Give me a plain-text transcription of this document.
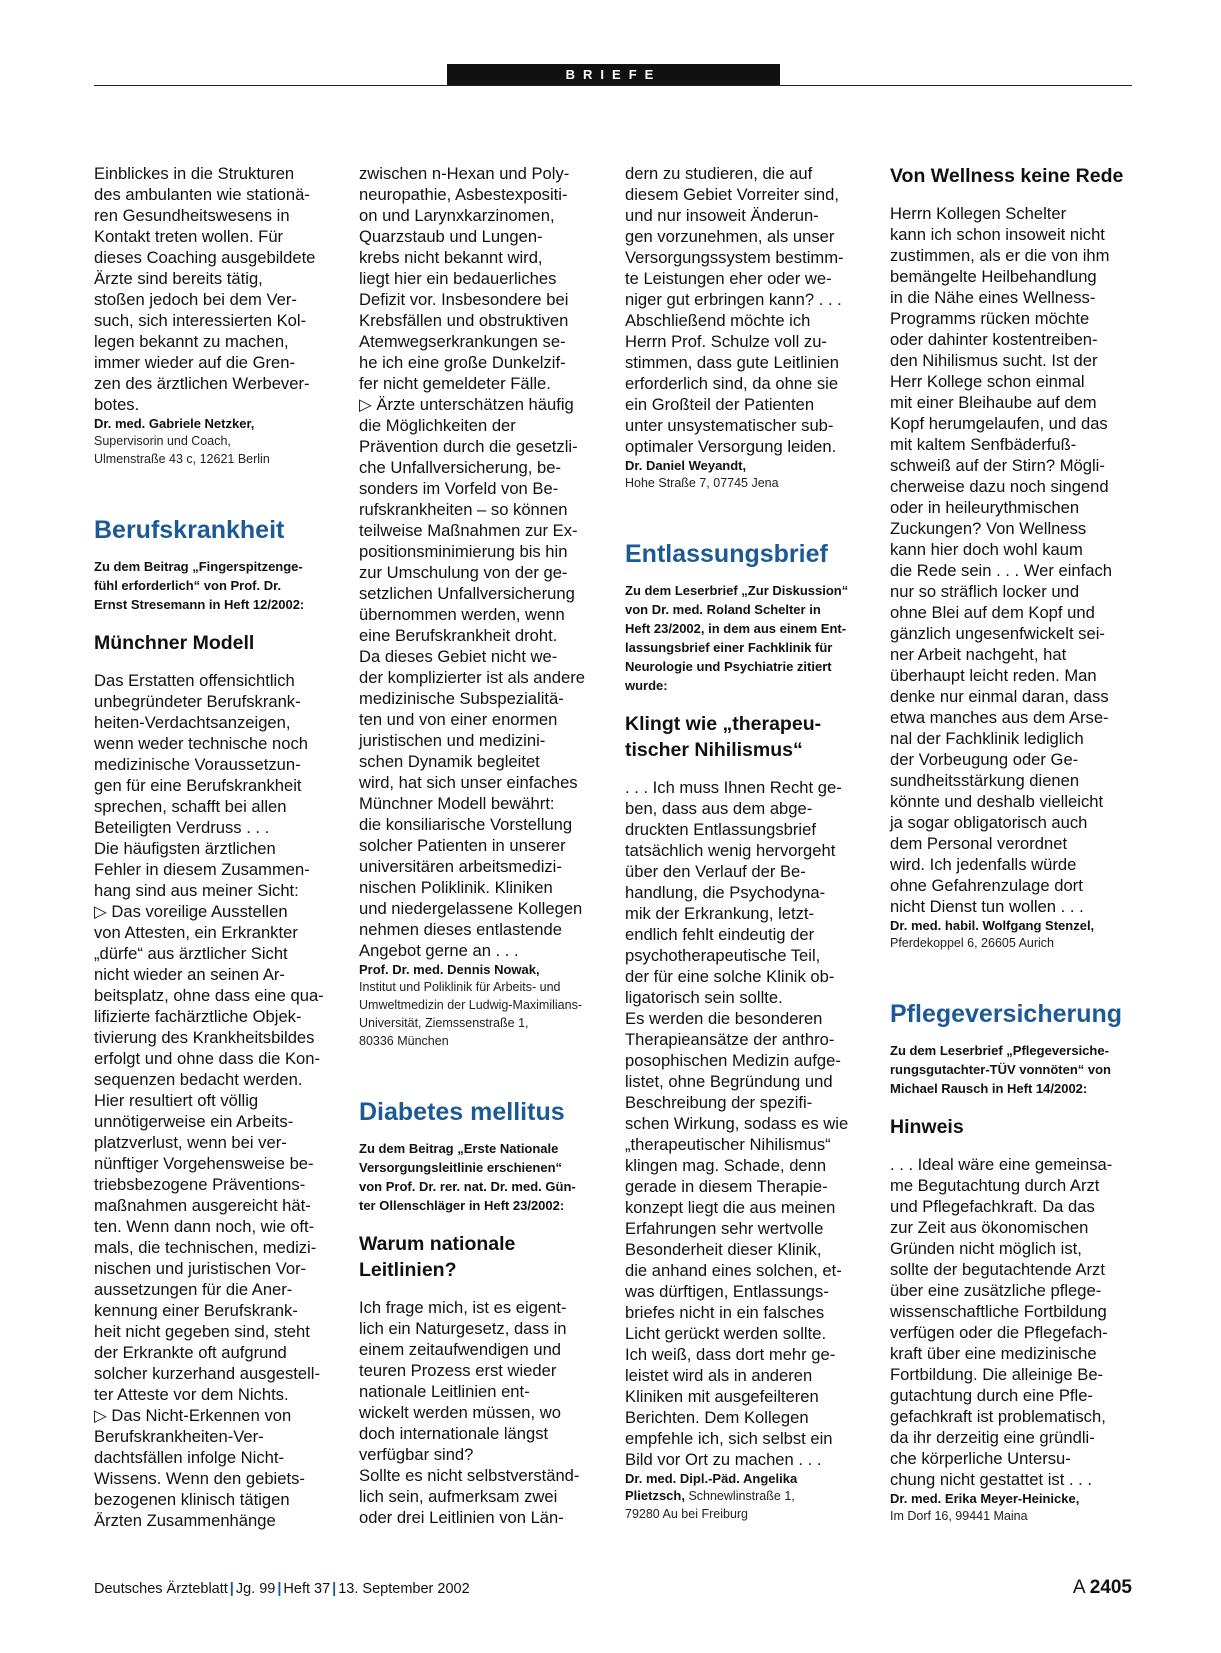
BRIEFE

Einblickes in die Strukturen
des ambulanten wie stationä-
ren Gesundheitswesens in
Kontakt treten wollen. Für
dieses Coaching ausgebildete
Ärzte sind bereits tätig,
stoßen jedoch bei dem Ver-
such, sich interessierten Kol-
legen bekannt zu machen,
immer wieder auf die Gren-
zen des ärztlichen Werbever-
botes.

Dr. med. Gabriele Netzker,
Supervisorin und Coach,
Ulmenstraße 43 c, 12621 Berlin
Berufskrankheit
Zu dem Beitrag „Fingerspitzenge-
fühl erforderlich“ von Prof. Dr.
Ernst Stresemann in Heft 12/2002:
Münchner Modell

Das Erstatten offensichtlich
unbegründeter Berufskrank-
heiten-Verdachtsanzeigen,
wenn weder technische noch
medizinische Voraussetzun-
gen für eine Berufskrankheit
sprechen, schafft bei allen
Beteiligten Verdruss . . .
Die häufigsten ärztlichen
Fehler in diesem Zusammen-
hang sind aus meiner Sicht:
▷ Das voreilige Ausstellen
von Attesten, ein Erkrankter
„dürfe“ aus ärztlicher Sicht
nicht wieder an seinen Ar-
beitsplatz, ohne dass eine qua-
lifizierte fachärztliche Objek-
tivierung des Krankheitsbildes
erfolgt und ohne dass die Kon-
sequenzen bedacht werden.
Hier resultiert oft völlig
unnötigerweise ein Arbeits-
platzverlust, wenn bei ver-
nünftiger Vorgehensweise be-
triebsbezogene Präventions-
maßnahmen ausgereicht hät-
ten. Wenn dann noch, wie oft-
mals, die technischen, medizi-
nischen und juristischen Vor-
aussetzungen für die Aner-
kennung einer Berufskrank-
heit nicht gegeben sind, steht
der Erkrankte oft aufgrund
solcher kurzerhand ausgestell-
ter Atteste vor dem Nichts.
▷ Das Nicht-Erkennen von
Berufskrankheiten-Ver-
dachtsfällen infolge Nicht-
Wissens. Wenn den gebiets-
bezogenen klinisch tätigen
Ärzten Zusammenhänge

zwischen n-Hexan und Poly-
neuropathie, Asbestexpositi-
on und Larynxkarzinomen,
Quarzstaub und Lungen-
krebs nicht bekannt wird,
liegt hier ein bedauerliches
Defizit vor. Insbesondere bei
Krebsfällen und obstruktiven
Atemwegserkrankungen se-
he ich eine große Dunkelzif-
fer nicht gemeldeter Fälle.
▷ Ärzte unterschätzen häufig
die Möglichkeiten der
Prävention durch die gesetzli-
che Unfallversicherung, be-
sonders im Vorfeld von Be-
rufskrankheiten – so können
teilweise Maßnahmen zur Ex-
positionsminimierung bis hin
zur Umschulung von der ge-
setzlichen Unfallversicherung
übernommen werden, wenn
eine Berufskrankheit droht.
Da dieses Gebiet nicht we-
der komplizierter ist als andere
medizinische Subspezialitä-
ten und von einer enormen
juristischen und medizini-
schen Dynamik begleitet
wird, hat sich unser einfaches
Münchner Modell bewährt:
die konsiliarische Vorstellung
solcher Patienten in unserer
universitären arbeitsmedizi-
nischen Poliklinik. Kliniken
und niedergelassene Kollegen
nehmen dieses entlastende
Angebot gerne an . . .

Prof. Dr. med. Dennis Nowak,
Institut und Poliklinik für Arbeits- und
Umweltmedizin der Ludwig-Maximilians-
Universität, Ziemssenstraße 1,
80336 München
Diabetes mellitus
Zu dem Beitrag „Erste Nationale
Versorgungsleitlinie erschienen“
von Prof. Dr. rer. nat. Dr. med. Gün-
ter Ollenschläger in Heft 23/2002:
Warum nationale
Leitlinien?

Ich frage mich, ist es eigent-
lich ein Naturgesetz, dass in
einem zeitaufwendigen und
teuren Prozess erst wieder
nationale Leitlinien ent-
wickelt werden müssen, wo
doch internationale längst
verfügbar sind?
Sollte es nicht selbstverständ-
lich sein, aufmerksam zwei
oder drei Leitlinien von Län-

dern zu studieren, die auf
diesem Gebiet Vorreiter sind,
und nur insoweit Änderun-
gen vorzunehmen, als unser
Versorgungssystem bestimm-
te Leistungen eher oder we-
niger gut erbringen kann? . . .
Abschließend möchte ich
Herrn Prof. Schulze voll zu-
stimmen, dass gute Leitlinien
erforderlich sind, da ohne sie
ein Großteil der Patienten
unter unsystematischer sub-
optimaler Versorgung leiden.

Dr. Daniel Weyandt,
Hohe Straße 7, 07745 Jena
Entlassungsbrief
Zu dem Leserbrief „Zur Diskussion“
von Dr. med. Roland Schelter in
Heft 23/2002, in dem aus einem Ent-
lassungsbrief einer Fachklinik für
Neurologie und Psychiatrie zitiert
wurde:
Klingt wie „therapeu-
tischer Nihilismus“

. . . Ich muss Ihnen Recht ge-
ben, dass aus dem abge-
druckten Entlassungsbrief
tatsächlich wenig hervorgeht
über den Verlauf der Be-
handlung, die Psychodyna-
mik der Erkrankung, letzt-
endlich fehlt eindeutig der
psychotherapeutische Teil,
der für eine solche Klinik ob-
ligatorisch sein sollte.
Es werden die besonderen
Therapieansätze der anthro-
posophischen Medizin aufge-
listet, ohne Begründung und
Beschreibung der spezifi-
schen Wirkung, sodass es wie
„therapeutischer Nihilismus“
klingen mag. Schade, denn
gerade in diesem Therapie-
konzept liegt die aus meinen
Erfahrungen sehr wertvolle
Besonderheit dieser Klinik,
die anhand eines solchen, et-
was dürftigen, Entlassungs-
briefes nicht in ein falsches
Licht gerückt werden sollte.
Ich weiß, dass dort mehr ge-
leistet wird als in anderen
Kliniken mit ausgefeilteren
Berichten. Dem Kollegen
empfehle ich, sich selbst ein
Bild vor Ort zu machen . . .

Dr. med. Dipl.-Päd. Angelika
Plietzsch, Schnewlinstraße 1,
79280 Au bei Freiburg
Von Wellness keine Rede

Herrn Kollegen Schelter
kann ich schon insoweit nicht
zustimmen, als er die von ihm
bemängelte Heilbehandlung
in die Nähe eines Wellness-
Programms rücken möchte
oder dahinter kostentreiben-
den Nihilismus sucht. Ist der
Herr Kollege schon einmal
mit einer Bleihaube auf dem
Kopf herumgelaufen, und das
mit kaltem Senfbäderfuß-
schweiß auf der Stirn? Mögli-
cherweise dazu noch singend
oder in heileurythmischen
Zuckungen? Von Wellness
kann hier doch wohl kaum
die Rede sein . . . Wer einfach
nur so sträflich locker und
ohne Blei auf dem Kopf und
gänzlich ungesenfwickelt sei-
ner Arbeit nachgeht, hat
überhaupt leicht reden. Man
denke nur einmal daran, dass
etwa manches aus dem Arse-
nal der Fachklinik lediglich
der Vorbeugung oder Ge-
sundheitsstärkung dienen
könnte und deshalb vielleicht
ja sogar obligatorisch auch
dem Personal verordnet
wird. Ich jedenfalls würde
ohne Gefahrenzulage dort
nicht Dienst tun wollen . . .

Dr. med. habil. Wolfgang Stenzel,
Pferdekoppel 6, 26605 Aurich
Pflegeversicherung
Zu dem Leserbrief „Pflegeversiche-
rungsgutachter-TÜV vonnöten“ von
Michael Rausch in Heft 14/2002:
Hinweis

. . . Ideal wäre eine gemeinsa-
me Begutachtung durch Arzt
und Pflegefachkraft. Da das
zur Zeit aus ökonomischen
Gründen nicht möglich ist,
sollte der begutachtende Arzt
über eine zusätzliche pflege-
wissenschaftliche Fortbildung
verfügen oder die Pflegefach-
kraft über eine medizinische
Fortbildung. Die alleinige Be-
gutachtung durch eine Pfle-
gefachkraft ist problematisch,
da ihr derzeitig eine gründli-
che körperliche Untersu-
chung nicht gestattet ist . . .

Dr. med. Erika Meyer-Heinicke,
Im Dorf 16, 99441 Maina
Deutsches Ärzteblatt | Jg. 99 | Heft 37 | 13. September 2002	A 2405
